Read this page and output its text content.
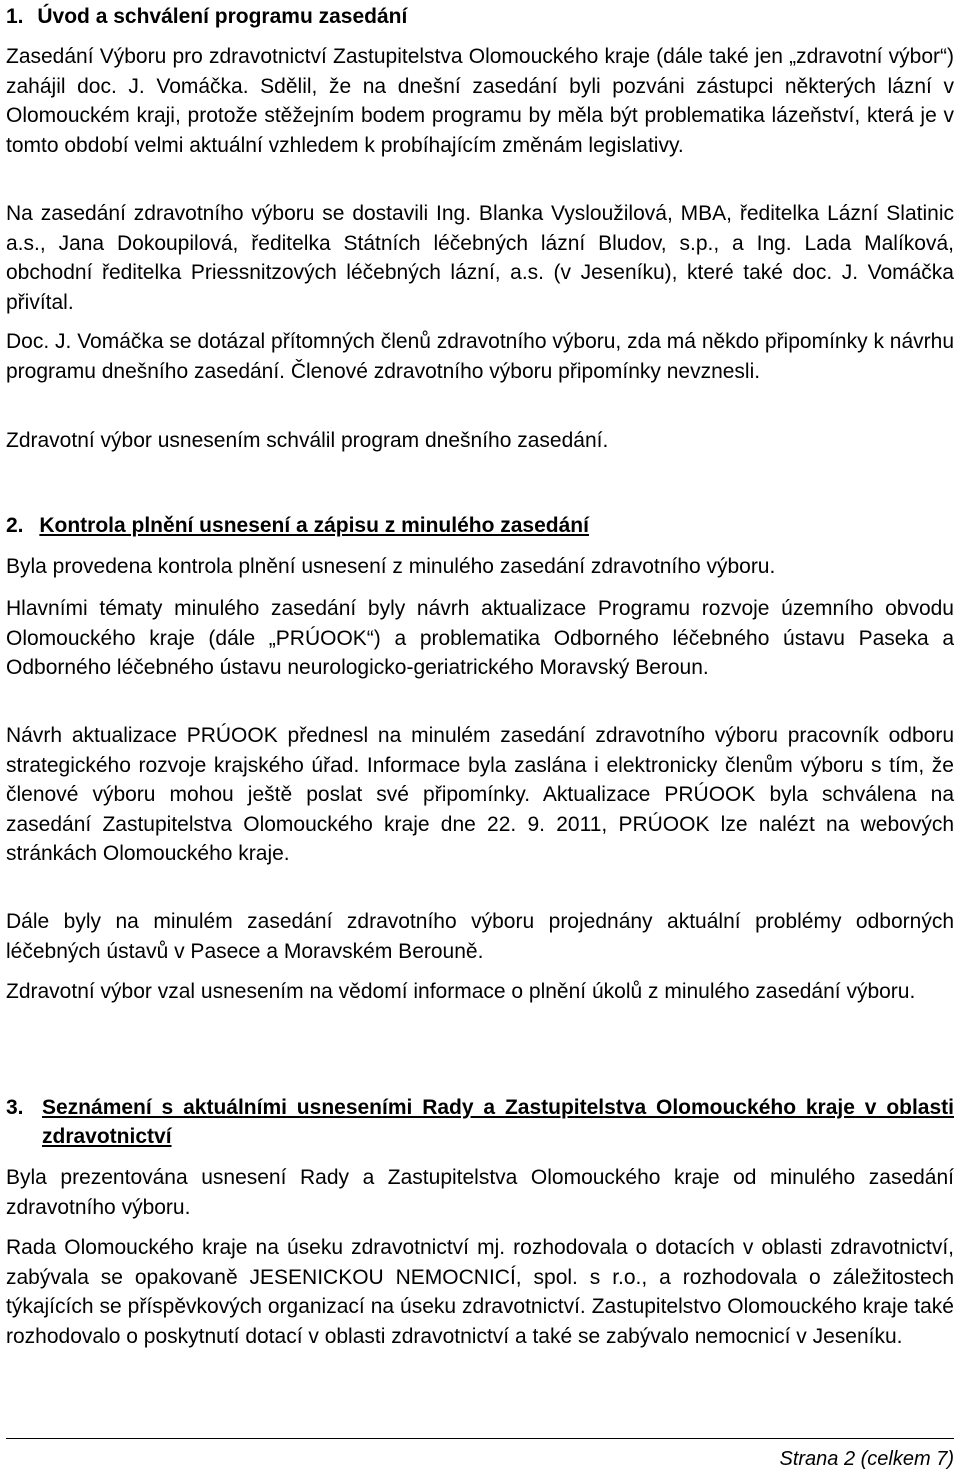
1. Úvod a schválení programu zasedání

Zasedání Výboru pro zdravotnictví Zastupitelstva Olomouckého kraje (dále také jen „zdravotní výbor“) zahájil doc. J. Vomáčka. Sdělil, že na dnešní zasedání byli pozváni zástupci některých lázní v Olomouckém kraji, protože stěžejním bodem programu by měla být problematika lázeňství, která je v tomto období velmi aktuální vzhledem k probíhajícím změnám legislativy.

Na zasedání zdravotního výboru se dostavili Ing. Blanka Vysloužilová, MBA, ředitelka Lázní Slatinic a.s., Jana Dokoupilová, ředitelka Státních léčebných lázní Bludov, s.p., a Ing. Lada Malíková, obchodní ředitelka Priessnitzových léčebných lázní, a.s. (v Jeseníku), které také doc. J. Vomáčka přivítal.

Doc. J. Vomáčka se dotázal přítomných členů zdravotního výboru, zda má někdo připomínky k návrhu programu dnešního zasedání. Členové zdravotního výboru připomínky nevznesli.

Zdravotní výbor usnesením schválil program dnešního zasedání.

2. Kontrola plnění usnesení a zápisu z minulého zasedání

Byla provedena kontrola plnění usnesení z minulého zasedání zdravotního výboru.

Hlavními tématy minulého zasedání byly návrh aktualizace Programu rozvoje územního obvodu Olomouckého kraje (dále „PRÚOOK“) a problematika Odborného léčebného ústavu Paseka a Odborného léčebného ústavu neurologicko-geriatrického Moravský Beroun.

Návrh aktualizace PRÚOOK přednesl na minulém zasedání zdravotního výboru pracovník odboru strategického rozvoje krajského úřad. Informace byla zaslána i elektronicky členům výboru s tím, že členové výboru mohou ještě poslat své připomínky. Aktualizace PRÚOOK byla schválena na zasedání Zastupitelstva Olomouckého kraje dne 22. 9. 2011, PRÚOOK lze nalézt na webových stránkách Olomouckého kraje.

Dále byly na minulém zasedání zdravotního výboru projednány aktuální problémy odborných léčebných ústavů v Pasece a Moravském Berouně.

Zdravotní výbor vzal usnesením na vědomí informace o plnění úkolů z minulého zasedání výboru.

3. Seznámení s aktuálními usneseními Rady a Zastupitelstva Olomouckého kraje v oblasti zdravotnictví

Byla prezentována usnesení Rady a Zastupitelstva Olomouckého kraje od minulého zasedání zdravotního výboru.

Rada Olomouckého kraje na úseku zdravotnictví mj. rozhodovala o dotacích v oblasti zdravotnictví, zabývala se opakovaně JESENICKOU NEMOCNICÍ, spol. s r.o., a rozhodovala o záležitostech týkajících se příspěvkových organizací na úseku zdravotnictví. Zastupitelstvo Olomouckého kraje také rozhodovalo o poskytnutí dotací v oblasti zdravotnictví a také se zabývalo nemocnicí v Jeseníku.

Strana 2 (celkem 7)
